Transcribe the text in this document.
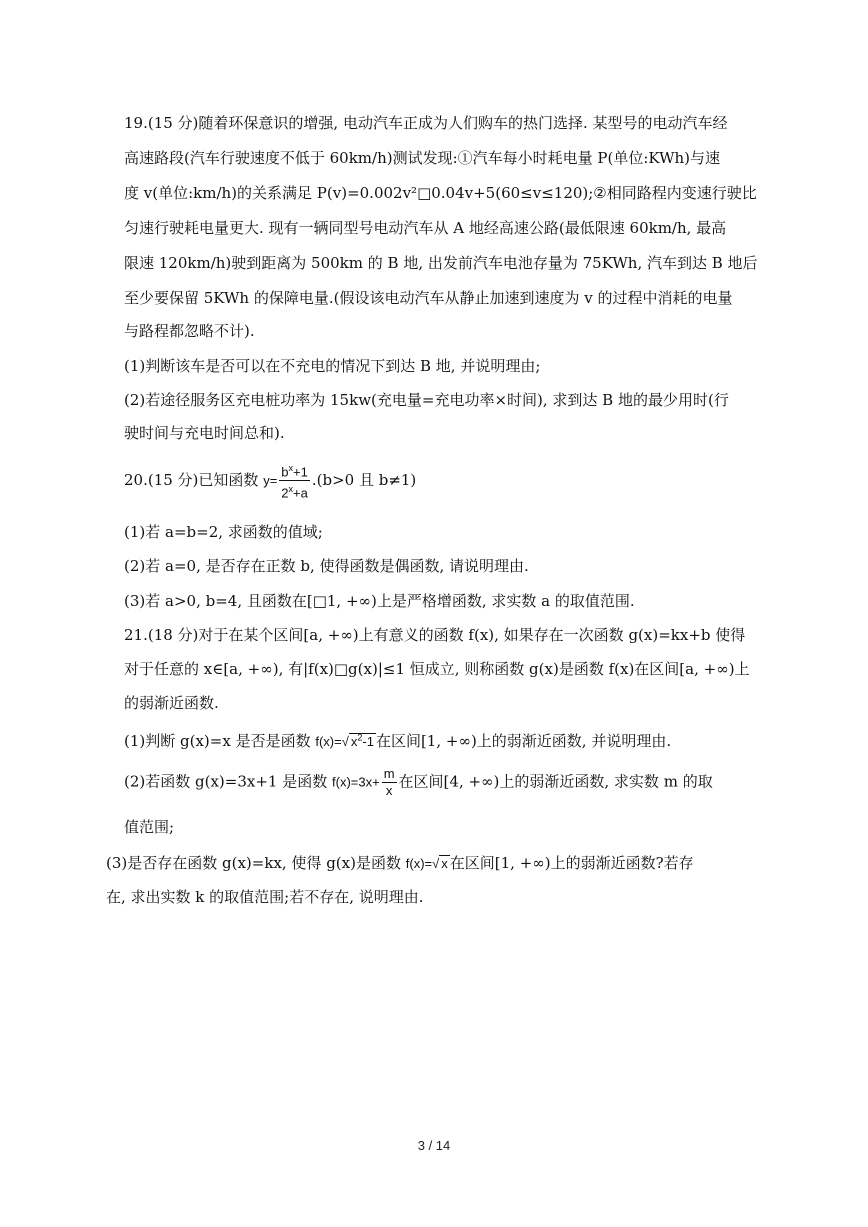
19.(15 分)随着环保意识的增强, 电动汽车正成为人们购车的热门选择. 某型号的电动汽车经
高速路段(汽车行驶速度不低于 60km/h)测试发现:①汽车每小时耗电量 P(单位:KWh)与速
度 v(单位:km/h)的关系满足 P(v)=0.002v²□0.04v+5(60≤v≤120);②相同路程内变速行驶比
匀速行驶耗电量更大. 现有一辆同型号电动汽车从 A 地经高速公路(最低限速 60km/h, 最高
限速 120km/h)驶到距离为 500km 的 B 地, 出发前汽车电池存量为 75KWh, 汽车到达 B 地后
至少要保留 5KWh 的保障电量.(假设该电动汽车从静止加速到速度为 v 的过程中消耗的电量
与路程都忽略不计).
(1)判断该车是否可以在不充电的情况下到达 B 地, 并说明理由;
(2)若途径服务区充电桩功率为 15kw(充电量=充电功率×时间), 求到达 B 地的最少用时(行
驶时间与充电时间总和).
20.(15 分)已知函数 $y= \frac{b^x+1}{2^x+a} .(b>0$ 且 b≠1)
(1)若 a=b=2, 求函数的值域;
(2)若 a=0, 是否存在正数 b, 使得函数是偶函数, 请说明理由.
(3)若 a>0, b=4, 且函数在[□1, +∞)上是严格增函数, 求实数 a 的取值范围.
21.(18 分)对于在某个区间[a, +∞)上有意义的函数 f(x), 如果存在一次函数 g(x)=kx+b 使得
对于任意的 x∈[a, +∞), 有|f(x)□g(x)|≤1 恒成立, 则称函数 g(x)是函数 f(x)在区间[a, +∞)上
的弱渐近函数.
(1)判断 g(x)=x 是否是函数 f(x)=√ $x^2-1$ 在区间[1, +∞)上的弱渐近函数, 并说明理由.
(2)若函数 g(x)=3x+1 是函数 $f(x)=3x+ \frac{m}{x}$ 在区间[4, +∞)上的弱渐近函数, 求实数 m 的取
值范围;
(3)是否存在函数 g(x)=kx, 使得 g(x)是函数 f(x)=√ x 在区间[1, +∞)上的弱渐近函数?若存
在, 求出实数 k 的取值范围;若不存在, 说明理由.
3 / 14
